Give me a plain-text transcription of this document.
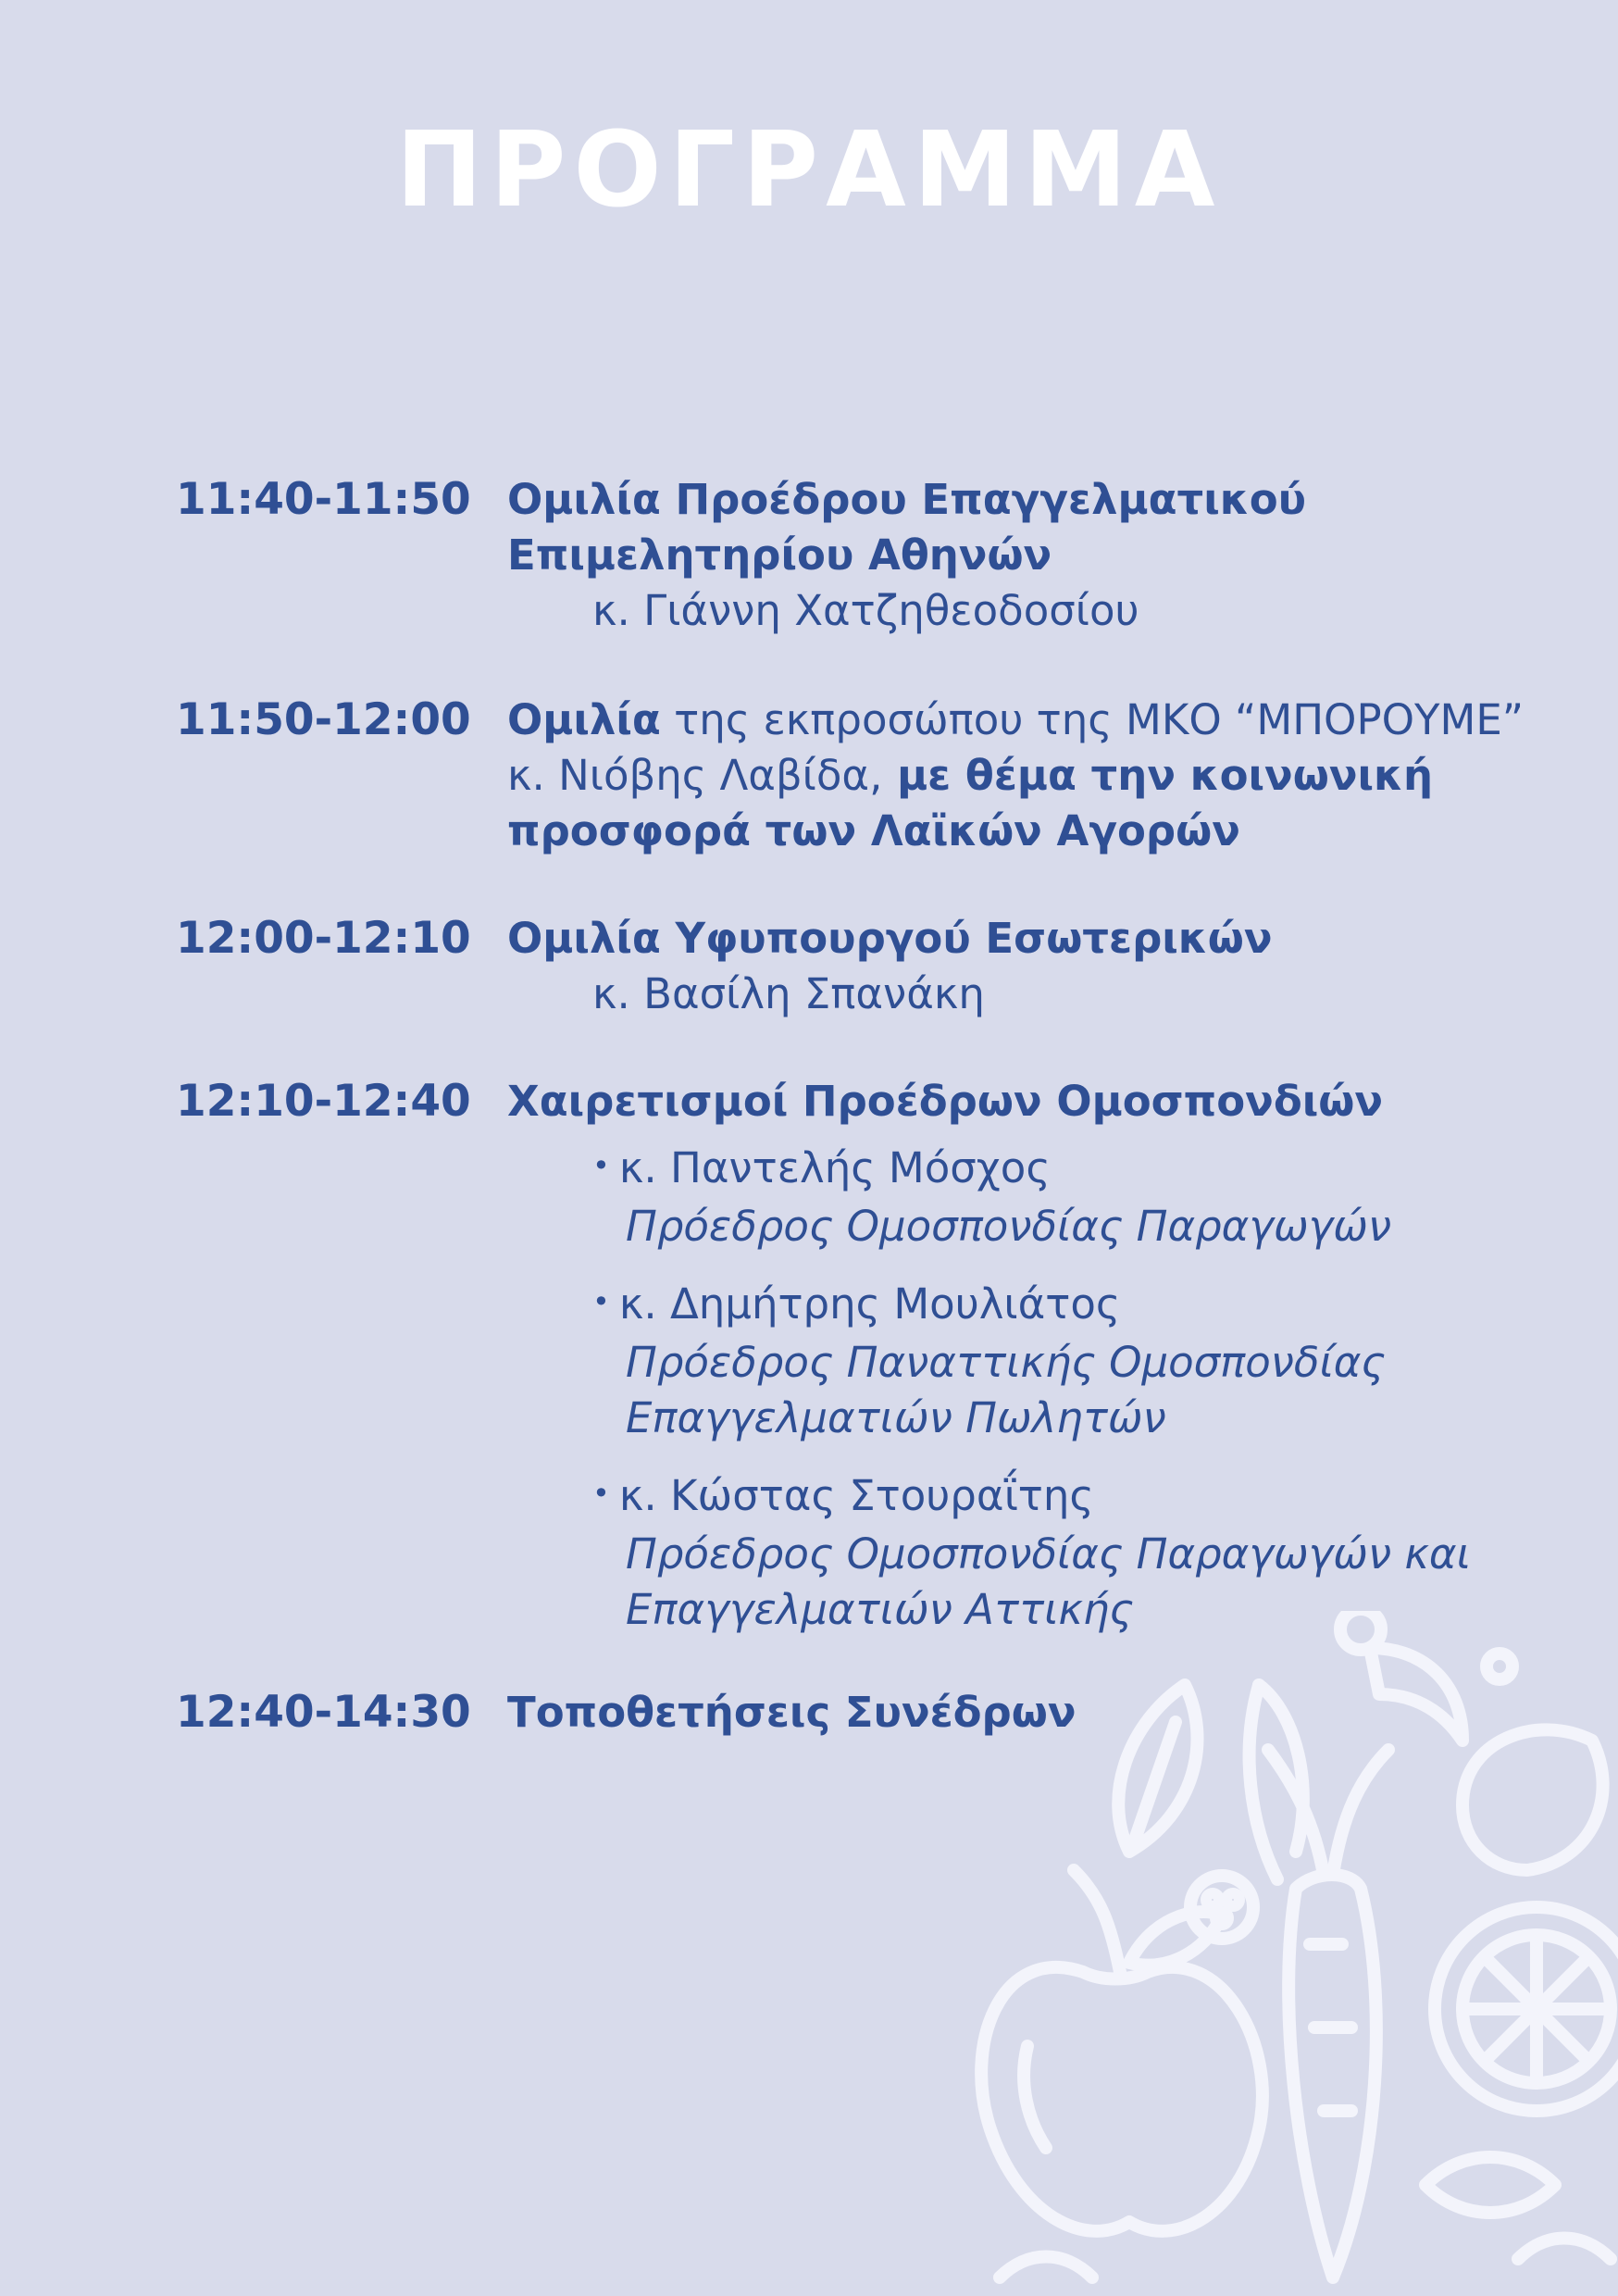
ΠΡΟΓΡΑΜΜΑ
11:40-11:50 Ομιλία Προέδρου Επαγγελματικού
Επιμελητηρίου Αθηνών
κ. Γιάννη Χατζηθεοδοσίου
11:50-12:00 Ομιλία της εκπροσώπου της ΜΚΟ “ΜΠΟΡΟΥΜΕ”
κ. Νιόβης Λαβίδα, με θέμα την κοινωνική
προσφορά των Λαϊκών Αγορών
12:00-12:10 Ομιλία Υφυπουργού Εσωτερικών
κ. Βασίλη Σπανάκη
12:10-12:40 Χαιρετισμοί Προέδρων Ομοσπονδιών
• κ. Παντελής Μόσχος
Πρόεδρος Ομοσπονδίας Παραγωγών
• κ. Δημήτρης Μουλιάτος
Πρόεδρος Παναττικής Ομοσπονδίας
Επαγγελματιών Πωλητών
• κ. Κώστας Στουραΐτης
Πρόεδρος Ομοσπονδίας Παραγωγών και
Επαγγελματιών Αττικής
12:40-14:30 Τοποθετήσεις Συνέδρων
